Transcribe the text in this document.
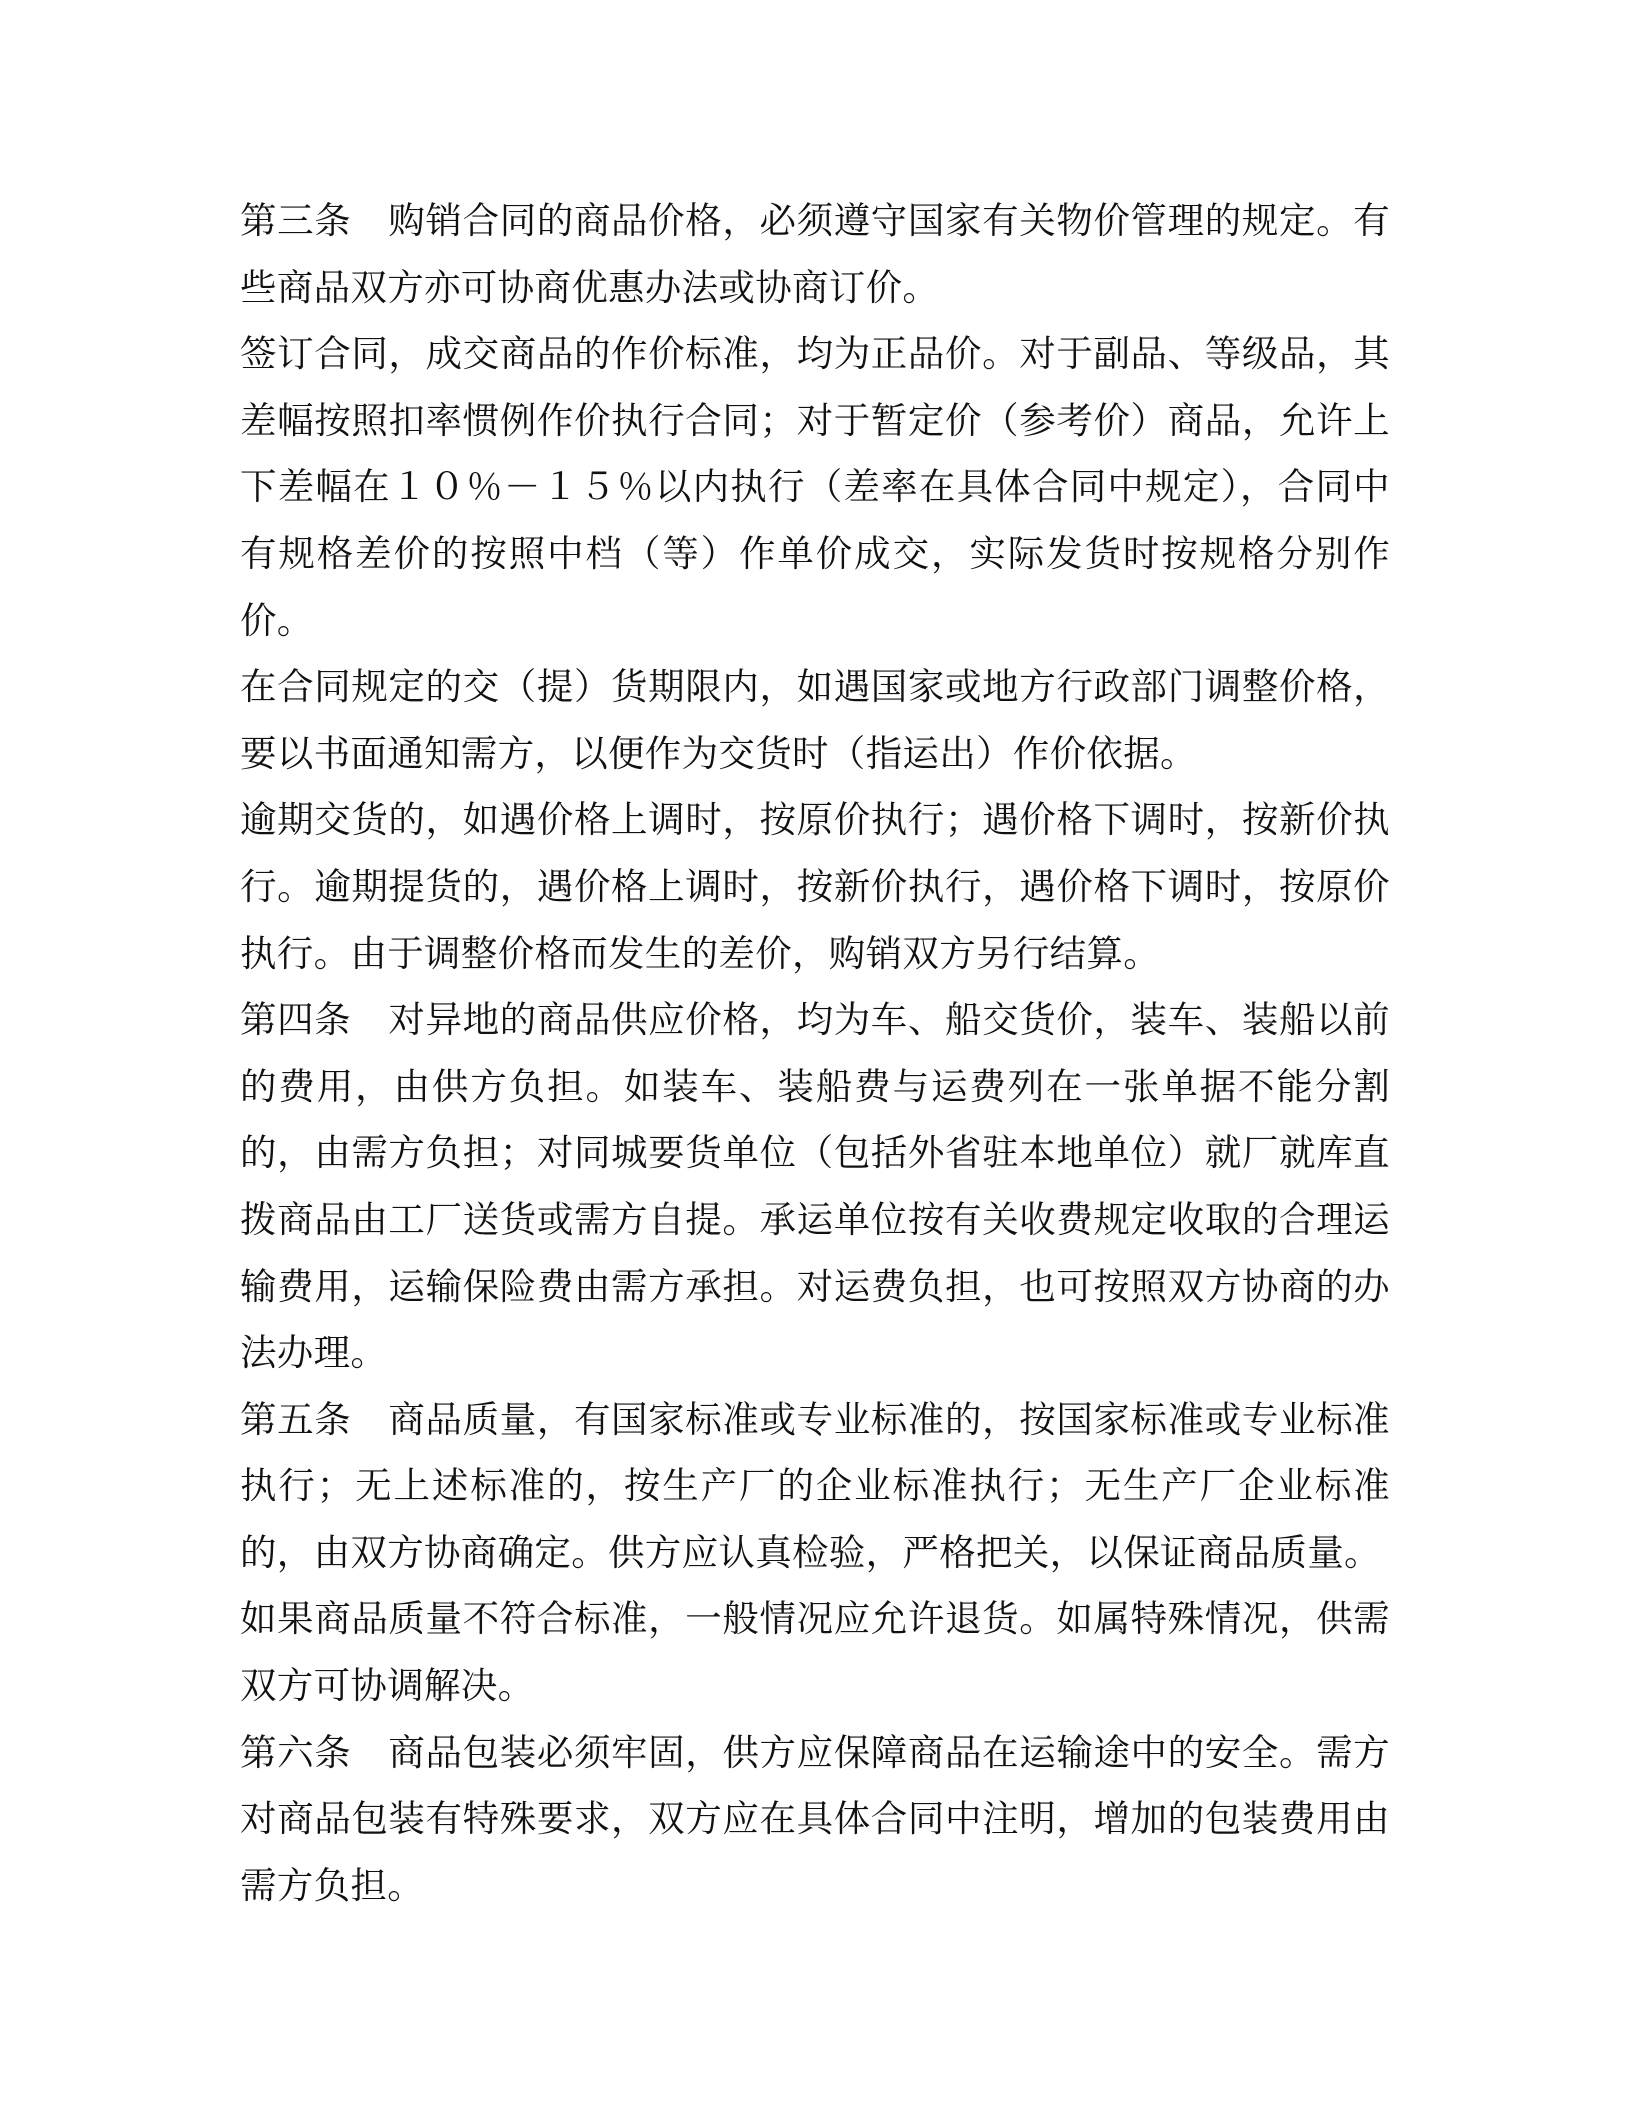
第三条　购销合同的商品价格，必须遵守国家有关物价管理的规定。有些商品双方亦可协商优惠办法或协商订价。

签订合同，成交商品的作价标准，均为正品价。对于副品、等级品，其差幅按照扣率惯例作价执行合同；对于暂定价（参考价）商品，允许上下差幅在１０％－１５％以内执行（差率在具体合同中规定），合同中有规格差价的按照中档（等）作单价成交，实际发货时按规格分别作价。

在合同规定的交（提）货期限内，如遇国家或地方行政部门调整价格，要以书面通知需方，以便作为交货时（指运出）作价依据。

逾期交货的，如遇价格上调时，按原价执行；遇价格下调时，按新价执行。逾期提货的，遇价格上调时，按新价执行，遇价格下调时，按原价执行。由于调整价格而发生的差价，购销双方另行结算。

第四条　对异地的商品供应价格，均为车、船交货价，装车、装船以前的费用，由供方负担。如装车、装船费与运费列在一张单据不能分割的，由需方负担；对同城要货单位（包括外省驻本地单位）就厂就库直拨商品由工厂送货或需方自提。承运单位按有关收费规定收取的合理运输费用，运输保险费由需方承担。对运费负担，也可按照双方协商的办法办理。

第五条　商品质量，有国家标准或专业标准的，按国家标准或专业标准执行；无上述标准的，按生产厂的企业标准执行；无生产厂企业标准的，由双方协商确定。供方应认真检验，严格把关，以保证商品质量。

如果商品质量不符合标准，一般情况应允许退货。如属特殊情况，供需双方可协调解决。

第六条　商品包装必须牢固，供方应保障商品在运输途中的安全。需方对商品包装有特殊要求，双方应在具体合同中注明，增加的包装费用由需方负担。
